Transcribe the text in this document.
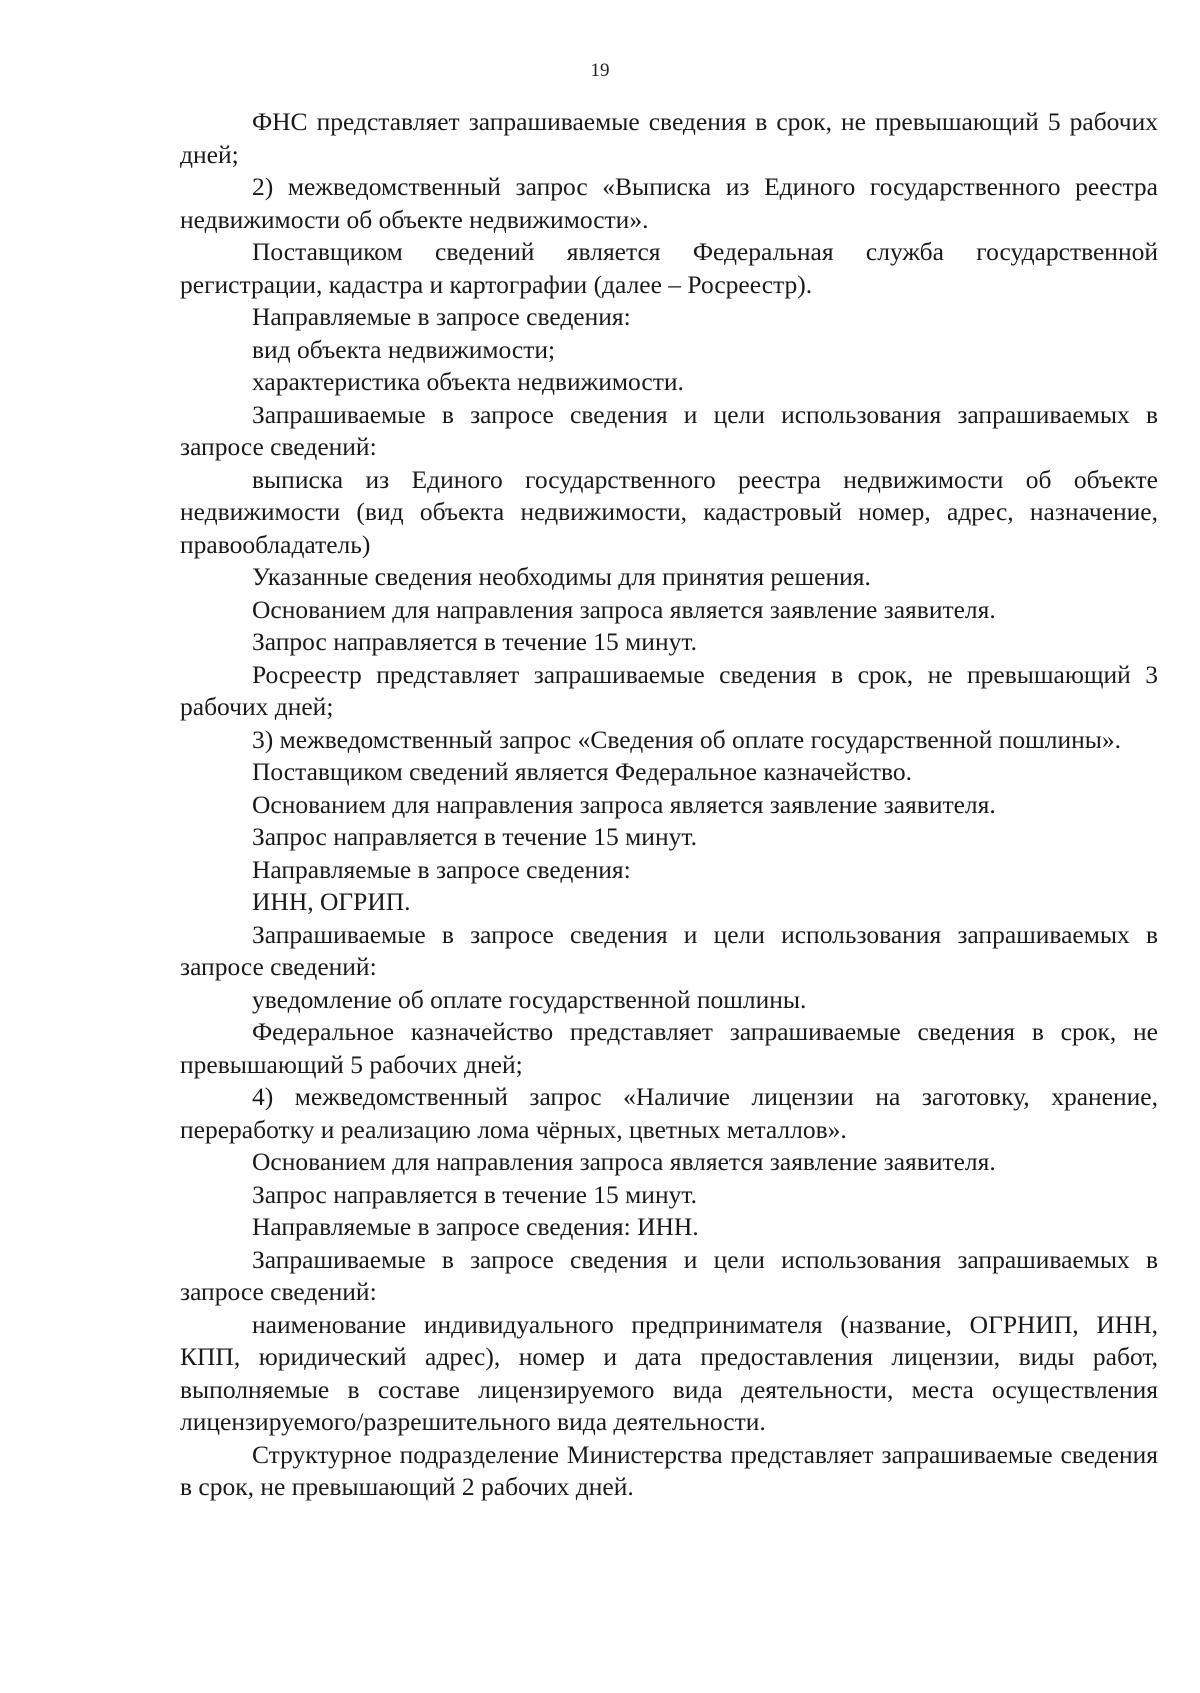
19

ФНС представляет запрашиваемые сведения в срок, не превышающий 5 рабочих дней;

2) межведомственный запрос «Выписка из Единого государственного реестра недвижимости об объекте недвижимости».

Поставщиком сведений является Федеральная служба государственной регистрации, кадастра и картографии (далее – Росреестр).

Направляемые в запросе сведения:

вид объекта недвижимости;

характеристика объекта недвижимости.

Запрашиваемые в запросе сведения и цели использования запрашиваемых в запросе сведений:

выписка из Единого государственного реестра недвижимости об объекте недвижимости (вид объекта недвижимости, кадастровый номер, адрес, назначение, правообладатель)

Указанные сведения необходимы для принятия решения.

Основанием для направления запроса является заявление заявителя.

Запрос направляется в течение 15 минут.

Росреестр представляет запрашиваемые сведения в срок, не превышающий 3 рабочих дней;

3) межведомственный запрос «Сведения об оплате государственной пошлины».

Поставщиком сведений является Федеральное казначейство.

Основанием для направления запроса является заявление заявителя.

Запрос направляется в течение 15 минут.

Направляемые в запросе сведения:

ИНН, ОГРИП.

Запрашиваемые в запросе сведения и цели использования запрашиваемых в запросе сведений:

уведомление об оплате государственной пошлины.

Федеральное казначейство представляет запрашиваемые сведения в срок, не превышающий 5 рабочих дней;

4) межведомственный запрос «Наличие лицензии на заготовку, хранение, переработку и реализацию лома чёрных, цветных металлов».

Основанием для направления запроса является заявление заявителя.

Запрос направляется в течение 15 минут.

Направляемые в запросе сведения: ИНН.

Запрашиваемые в запросе сведения и цели использования запрашиваемых в запросе сведений:

наименование индивидуального предпринимателя (название, ОГРНИП, ИНН, КПП, юридический адрес), номер и дата предоставления лицензии, виды работ, выполняемые в составе лицензируемого вида деятельности, места осуществления лицензируемого/разрешительного вида деятельности.

Структурное подразделение Министерства представляет запрашиваемые сведения в срок, не превышающий 2 рабочих дней.
